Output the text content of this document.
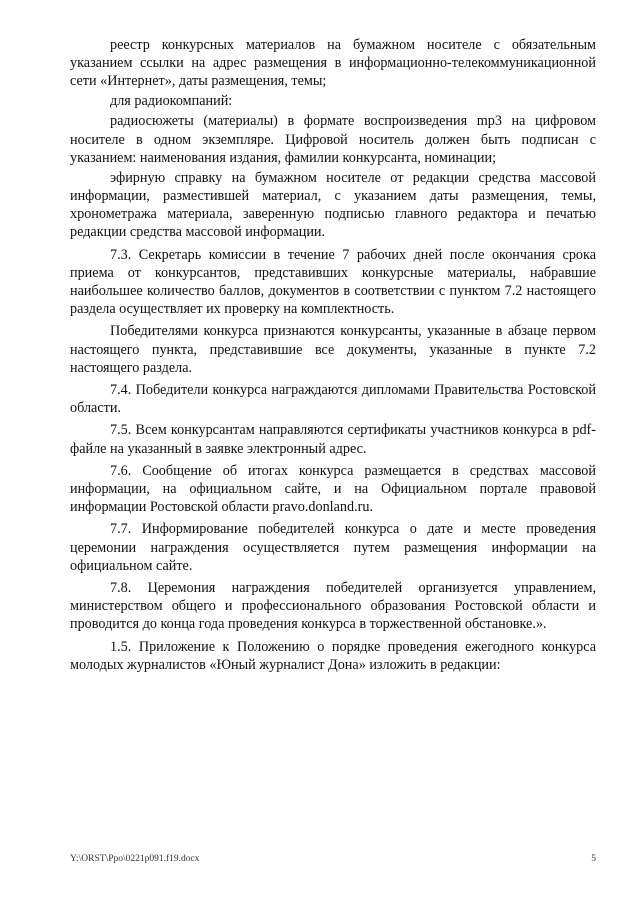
реестр конкурсных материалов на бумажном носителе с обязательным указанием ссылки на адрес размещения в информационно-телекоммуникационной сети «Интернет», даты размещения, темы;

для радиокомпаний:

радиосюжеты (материалы) в формате воспроизведения mp3 на цифровом носителе в одном экземпляре. Цифровой носитель должен быть подписан с указанием: наименования издания, фамилии конкурсанта, номинации;

эфирную справку на бумажном носителе от редакции средства массовой информации, разместившей материал, с указанием даты размещения, темы, хронометража материала, заверенную подписью главного редактора и печатью редакции средства массовой информации.

7.3. Секретарь комиссии в течение 7 рабочих дней после окончания срока приема от конкурсантов, представивших конкурсные материалы, набравшие наибольшее количество баллов, документов в соответствии с пунктом 7.2 настоящего раздела осуществляет их проверку на комплектность.

Победителями конкурса признаются конкурсанты, указанные в абзаце первом настоящего пункта, представившие все документы, указанные в пункте 7.2 настоящего раздела.

7.4. Победители конкурса награждаются дипломами Правительства Ростовской области.

7.5. Всем конкурсантам направляются сертификаты участников конкурса в pdf-файле на указанный в заявке электронный адрес.

7.6. Сообщение об итогах конкурса размещается в средствах массовой информации, на официальном сайте, и на Официальном портале правовой информации Ростовской области pravo.donland.ru.

7.7. Информирование победителей конкурса о дате и месте проведения церемонии награждения осуществляется путем размещения информации на официальном сайте.

7.8. Церемония награждения победителей организуется управлением, министерством общего и профессионального образования Ростовской области и проводится до конца года проведения конкурса в торжественной обстановке.».

1.5. Приложение к Положению о порядке проведения ежегодного конкурса молодых журналистов «Юный журналист Дона» изложить в редакции:

Y:\ORST\Ppo\0221p091.f19.docx	5
